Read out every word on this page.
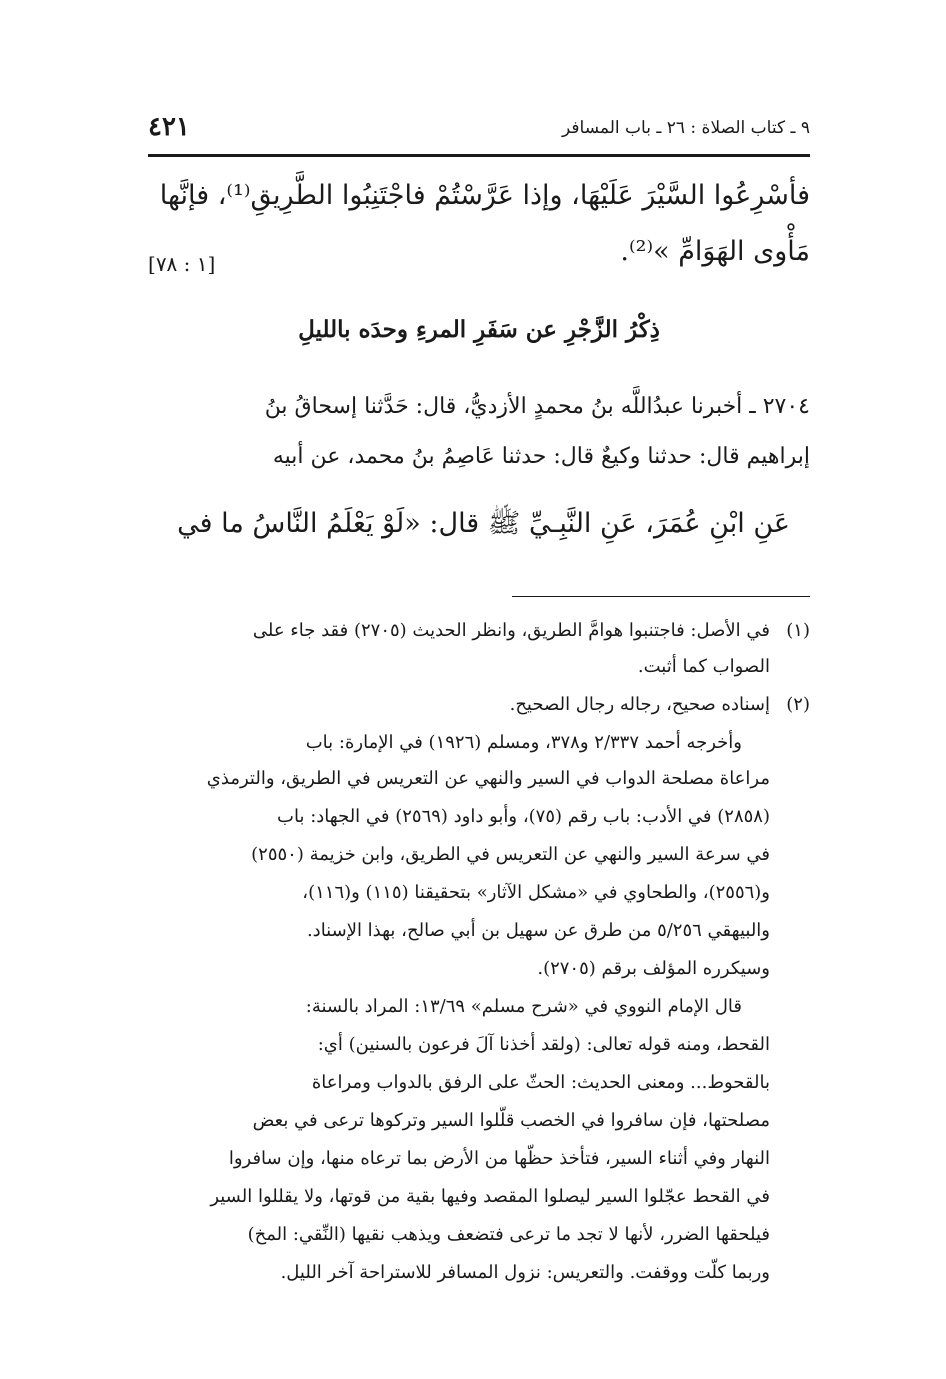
٩ ـ كتاب الصلاة : ٢٦ ـ باب المسافر
٤٢١
فأسْرِعُوا السَّيْرَ عَلَيْهَا، وإذا عَرَّسْتُمْ فاجْتَنِبُوا الطَّرِيقِ⁽¹⁾، فإنَّها
مَأْوى الهَوَامِّ »⁽²⁾.
[١ : ٧٨]
ذِكْرُ الزَّجْرِ عن سَفَرِ المرءِ وحدَه بالليلِ
٢٧٠٤ ـ أخبرنا عبدُاللَّه بنُ محمدٍ الأزديُّ، قال: حَدَّثنا إسحاقُ بنُ
إبراهيم قال: حدثنا وكيعٌ قال: حدثنا عَاصِمُ بنُ محمد، عن أبيه
عَنِ ابْنِ عُمَرَ، عَنِ النَّبِـيِّ ﷺ قال: «لَوْ يَعْلَمُ النَّاسُ ما في
(١)في الأصل: فاجتنبوا هوامَّ الطريق، وانظر الحديث (٢٧٠٥) فقد جاء على
الصواب كما أثبت.
(٢)إسناده صحيح، رجاله رجال الصحيح.
وأخرجه أحمد ٢/٣٣٧ و٣٧٨، ومسلم (١٩٢٦) في الإمارة: باب
مراعاة مصلحة الدواب في السير والنهي عن التعريس في الطريق، والترمذي
(٢٨٥٨) في الأدب: باب رقم (٧٥)، وأبو داود (٢٥٦٩) في الجهاد: باب
في سرعة السير والنهي عن التعريس في الطريق، وابن خزيمة (٢٥٥٠)
و(٢٥٥٦)، والطحاوي في «مشكل الآثار» بتحقيقنا (١١٥) و(١١٦)،
والبيهقي ٥/٢٥٦ من طرق عن سهيل بن أبي صالح، بهذا الإسناد.
وسيكرره المؤلف برقم (٢٧٠٥).
قال الإمام النووي في «شرح مسلم» ١٣/٦٩: المراد بالسنة:
القحط، ومنه قوله تعالى: (ولقد أخذنا آلَ فرعون بالسنين) أي:
بالقحوط... ومعنى الحديث: الحثّ على الرفق بالدواب ومراعاة
مصلحتها، فإن سافروا في الخصب قلّلوا السير وتركوها ترعى في بعض
النهار وفي أثناء السير، فتأخذ حظّها من الأرض بما ترعاه منها، وإن سافروا
في القحط عجّلوا السير ليصلوا المقصد وفيها بقية من قوتها، ولا يقللوا السير
فيلحقها الضرر، لأنها لا تجد ما ترعى فتضعف ويذهب نقيها (النِّقي: المخ)
وربما كلّت ووقفت. والتعريس: نزول المسافر للاستراحة آخر الليل.
